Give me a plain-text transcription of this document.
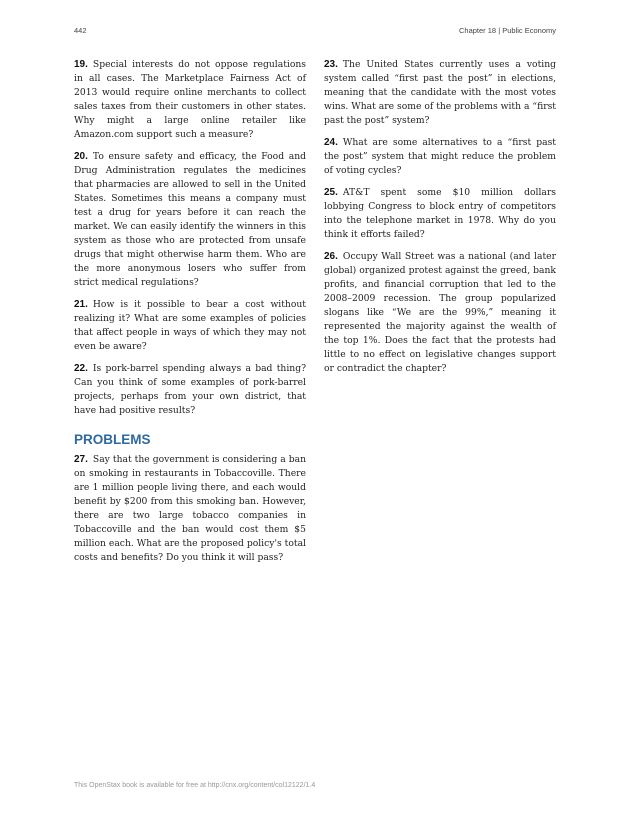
442	Chapter 18 | Public Economy

19. Special interests do not oppose regulations in all cases. The Marketplace Fairness Act of 2013 would require online merchants to collect sales taxes from their customers in other states. Why might a large online retailer like Amazon.com support such a measure?

20. To ensure safety and efficacy, the Food and Drug Administration regulates the medicines that pharmacies are allowed to sell in the United States. Sometimes this means a company must test a drug for years before it can reach the market. We can easily identify the winners in this system as those who are protected from unsafe drugs that might otherwise harm them. Who are the more anonymous losers who suffer from strict medical regulations?

21. How is it possible to bear a cost without realizing it? What are some examples of policies that affect people in ways of which they may not even be aware?

22. Is pork-barrel spending always a bad thing? Can you think of some examples of pork-barrel projects, perhaps from your own district, that have had positive results?

PROBLEMS

27. Say that the government is considering a ban on smoking in restaurants in Tobaccoville. There are 1 million people living there, and each would benefit by $200 from this smoking ban. However, there are two large tobacco companies in Tobaccoville and the ban would cost them $5 million each. What are the proposed policy's total costs and benefits? Do you think it will pass?

23. The United States currently uses a voting system called “first past the post” in elections, meaning that the candidate with the most votes wins. What are some of the problems with a “first past the post” system?

24. What are some alternatives to a “first past the post” system that might reduce the problem of voting cycles?

25. AT&T spent some $10 million dollars lobbying Congress to block entry of competitors into the telephone market in 1978. Why do you think it efforts failed?

26. Occupy Wall Street was a national (and later global) organized protest against the greed, bank profits, and financial corruption that led to the 2008–2009 recession. The group popularized slogans like “We are the 99%,” meaning it represented the majority against the wealth of the top 1%. Does the fact that the protests had little to no effect on legislative changes support or contradict the chapter?

This OpenStax book is available for free at http://cnx.org/content/col12122/1.4
